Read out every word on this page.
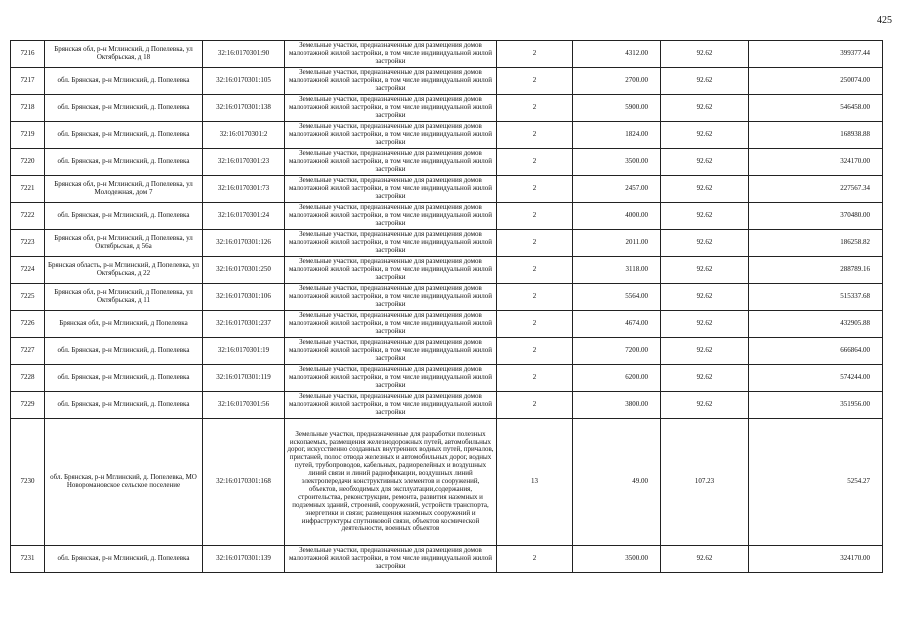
425
7216	Брянская обл, р-н Мглинский, д Попелевка, ул Октябрьская, д 18	32:16:0170301:90	Земельные участки, предназначенные для размещения домов малоэтажной жилой застройки, в том числе индивидуальной жилой застройки	2	4312.00	92.62	399377.44
7217	обл. Брянская, р-н Мглинский, д. Попелевка	32:16:0170301:105	Земельные участки, предназначенные для размещения домов малоэтажной жилой застройки, в том числе индивидуальной жилой застройки	2	2700.00	92.62	250074.00
7218	обл. Брянская, р-н Мглинский, д. Попелевка	32:16:0170301:138	Земельные участки, предназначенные для размещения домов малоэтажной жилой застройки, в том числе индивидуальной жилой застройки	2	5900.00	92.62	546458.00
7219	обл. Брянская, р-н Мглинский, д. Попелевка	32:16:0170301:2	Земельные участки, предназначенные для размещения домов малоэтажной жилой застройки, в том числе индивидуальной жилой застройки	2	1824.00	92.62	168938.88
7220	обл. Брянская, р-н Мглинский, д. Попелевка	32:16:0170301:23	Земельные участки, предназначенные для размещения домов малоэтажной жилой застройки, в том числе индивидуальной жилой застройки	2	3500.00	92.62	324170.00
7221	Брянская обл, р-н Мглинский, д Попелевка, ул Молодежная, дом 7	32:16:0170301:73	Земельные участки, предназначенные для размещения домов малоэтажной жилой застройки, в том числе индивидуальной жилой застройки	2	2457.00	92.62	227567.34
7222	обл. Брянская, р-н Мглинский, д. Попелевка	32:16:0170301:24	Земельные участки, предназначенные для размещения домов малоэтажной жилой застройки, в том числе индивидуальной жилой застройки	2	4000.00	92.62	370480.00
7223	Брянская обл, р-н Мглинский, д Попелевка, ул Октябрьская, д 56а	32:16:0170301:126	Земельные участки, предназначенные для размещения домов малоэтажной жилой застройки, в том числе индивидуальной жилой застройки	2	2011.00	92.62	186258.82
7224	Брянская область, р-н Мглинский, д Попелевка, ул Октябрьская, д 22	32:16:0170301:250	Земельные участки, предназначенные для размещения домов малоэтажной жилой застройки, в том числе индивидуальной жилой застройки	2	3118.00	92.62	288789.16
7225	Брянская обл, р-н Мглинский, д Попелевка, ул Октябрьская, д 11	32:16:0170301:106	Земельные участки, предназначенные для размещения домов малоэтажной жилой застройки, в том числе индивидуальной жилой застройки	2	5564.00	92.62	515337.68
7226	Брянская обл, р-н Мглинский, д Попелевка	32:16:0170301:237	Земельные участки, предназначенные для размещения домов малоэтажной жилой застройки, в том числе индивидуальной жилой застройки	2	4674.00	92.62	432905.88
7227	обл. Брянская, р-н Мглинский, д. Попелевка	32:16:0170301:19	Земельные участки, предназначенные для размещения домов малоэтажной жилой застройки, в том числе индивидуальной жилой застройки	2	7200.00	92.62	666864.00
7228	обл. Брянская, р-н Мглинский, д. Попелевка	32:16:0170301:119	Земельные участки, предназначенные для размещения домов малоэтажной жилой застройки, в том числе индивидуальной жилой застройки	2	6200.00	92.62	574244.00
7229	обл. Брянская, р-н Мглинский, д. Попелевка	32:16:0170301:56	Земельные участки, предназначенные для размещения домов малоэтажной жилой застройки, в том числе индивидуальной жилой застройки	2	3800.00	92.62	351956.00
7230	обл. Брянская, р-н Мглинский, д. Попелевка, МО Новоромановское сельское поселение	32:16:0170301:168	Земельные участки, предназначенные для разработки полезных ископаемых, размещения железнодорожных путей, автомобильных дорог, искусственно созданных внутренних водных путей, причалов, пристаней, полос отвода железных и автомобильных дорог, водных путей, трубопроводов, кабельных, радиорелейных и воздушных линий связи и линий радиофикации, воздушных линий электропередачи конструктивных элементов и сооружений, объектов, необходимых для эксплуатации,содержания, строительства, реконструкции, ремонта, развития наземных и подземных зданий, строений, сооружений, устройств транспорта, энергетики и связи; размещения наземных сооружений и инфраструктуры спутниковой связи, объектов космической деятельности, военных объектов	13	49.00	107.23	5254.27
7231	обл. Брянская, р-н Мглинский, д. Попелевка	32:16:0170301:139	Земельные участки, предназначенные для размещения домов малоэтажной жилой застройки, в том числе индивидуальной жилой застройки	2	3500.00	92.62	324170.00
